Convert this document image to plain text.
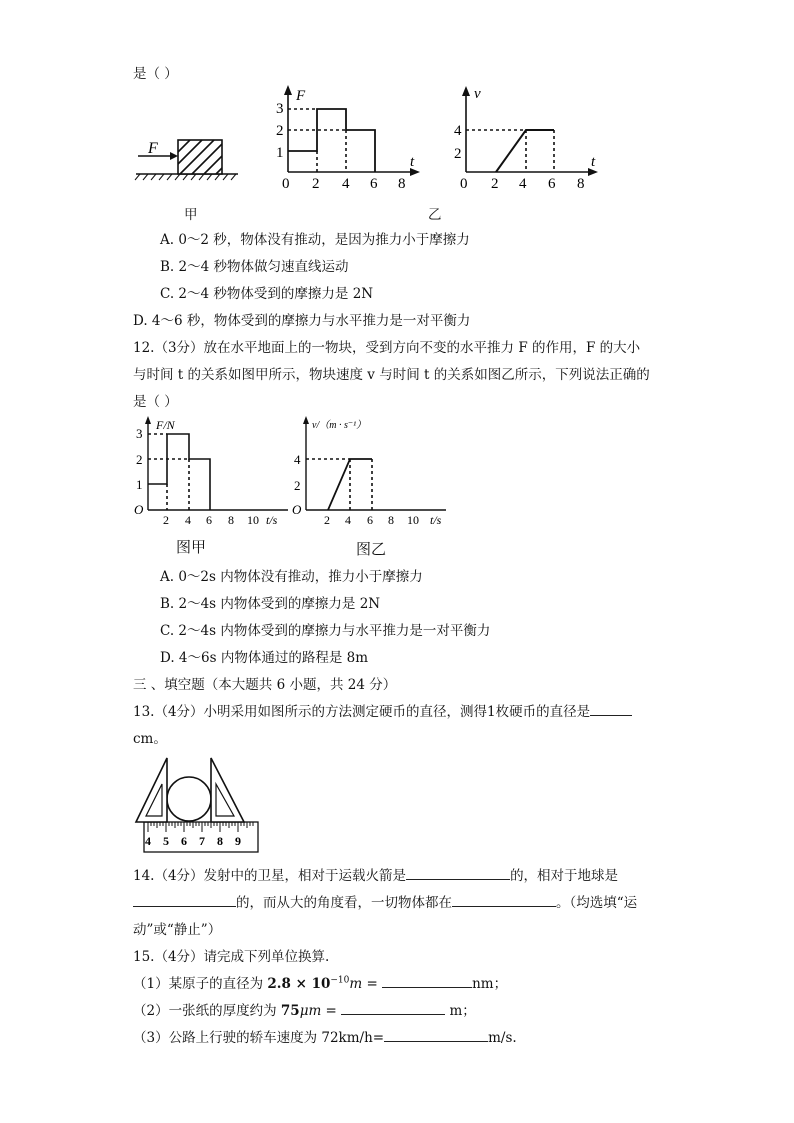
是（ ）
F
F
t
0 2 4 6 8
1
2
3
v
t
0 2 4 6 8
2
4
甲	乙
A. 0～2 秒，物体没有推动，是因为推力小于摩擦力
B. 2～4 秒物体做匀速直线运动
C. 2～4 秒物体受到的摩擦力是 2N
D. 4～6 秒，物体受到的摩擦力与水平推力是一对平衡力
12.（3分）放在水平地面上的一物块，受到方向不变的水平推力 F 的作用，F 的大小
与时间 t 的关系如图甲所示，物块速度 v 与时间 t 的关系如图乙所示，下列说法正确的
是（ ）
F/N
O
1
2
3
2 4 6 8 10 t/s
v/（m · s⁻¹）
O
2
4
2 4 6 8 10 t/s
图甲	图乙
A. 0～2s 内物体没有推动，推力小于摩擦力
B. 2～4s 内物体受到的摩擦力是 2N
C. 2～4s 内物体受到的摩擦力与水平推力是一对平衡力
D. 4～6s 内物体通过的路程是 8m
三 、填空题（本大题共 6 小题，共 24 分）
13.（4分）小明采用如图所示的方法测定硬币的直径，测得1枚硬币的直径是
cm。
4 5 6 7 8 9
14.（4分）发射中的卫星，相对于运载火箭是	的，相对于地球是
的，而从大的角度看，一切物体都在	。（均选填“运
动”或“静止”）
15.（4分）请完成下列单位换算.
（1）某原子的直径为 $2.8 \times 10^{-10}m$ =	nm；
（2）一张纸的厚度约为 75μm =	m；
（3）公路上行驶的轿车速度为 72km/h=	m/s.
